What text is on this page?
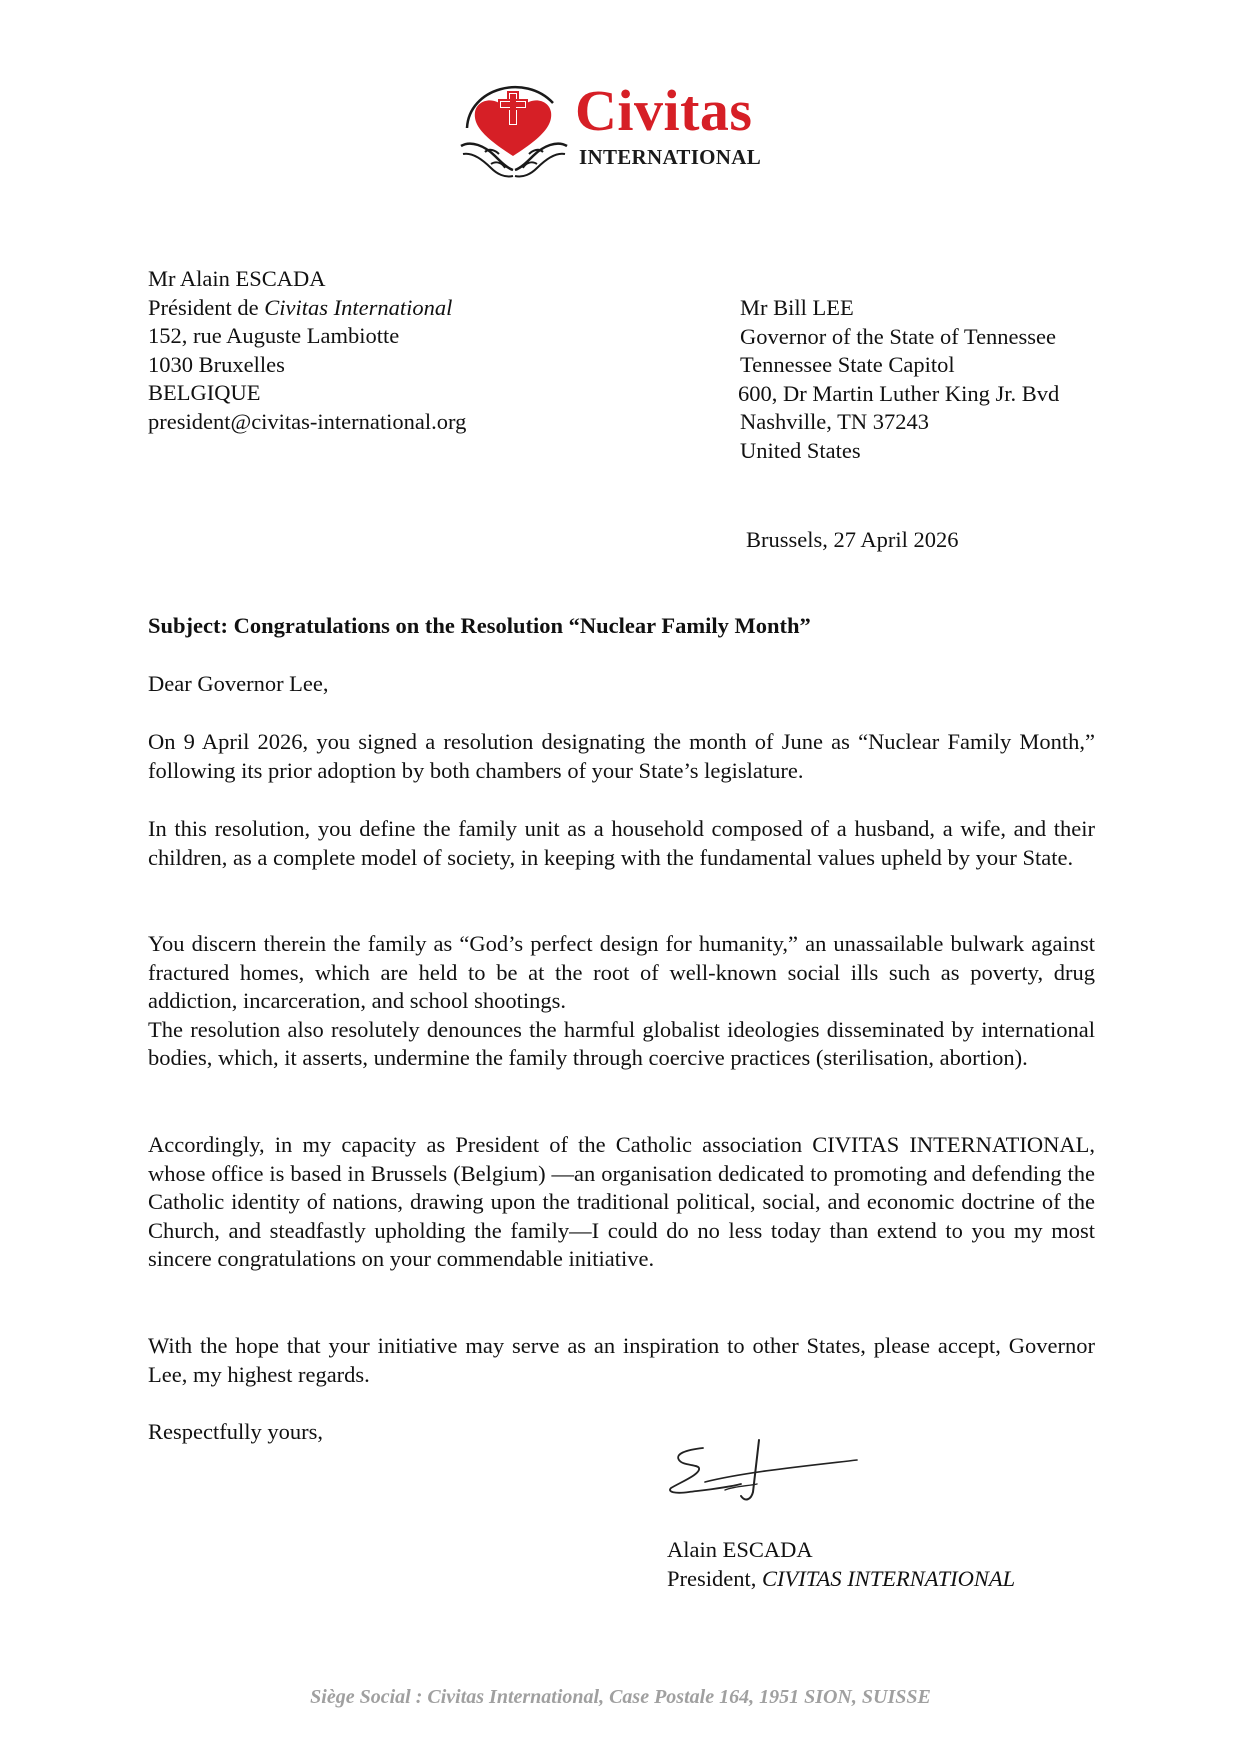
Civitas
INTERNATIONAL
Mr Alain ESCADA
Président de Civitas International
152, rue Auguste Lambiotte
1030 Bruxelles
BELGIQUE
president@civitas-international.org
Mr Bill LEE
Governor of the State of Tennessee
Tennessee State Capitol
600, Dr Martin Luther King Jr. Bvd
Nashville, TN 37243
United States
Brussels, 27 April 2026
Subject: Congratulations on the Resolution “Nuclear Family Month”
Dear Governor Lee,

On 9 April 2026, you signed a resolution designating the month of June as “Nuclear Family Month,” following its prior adoption by both chambers of your State’s legislature.

In this resolution, you define the family unit as a household composed of a husband, a wife, and their children, as a complete model of society, in keeping with the fundamental values upheld by your State.

You discern therein the family as “God’s perfect design for humanity,” an unassailable bulwark against fractured homes, which are held to be at the root of well-known social ills such as poverty, drug addiction, incarceration, and school shootings.

The resolution also resolutely denounces the harmful globalist ideologies disseminated by international bodies, which, it asserts, undermine the family through coercive practices (sterilisation, abortion).

Accordingly, in my capacity as President of the Catholic association CIVITAS INTERNATIONAL, whose office is based in Brussels (Belgium) —an organisation dedicated to promoting and defending the Catholic identity of nations, drawing upon the traditional political, social, and economic doctrine of the Church, and steadfastly upholding the family—I could do no less today than extend to you my most sincere congratulations on your commendable initiative.

With the hope that your initiative may serve as an inspiration to other States, please accept, Governor Lee, my highest regards.

Respectfully yours,
Alain ESCADA
President, CIVITAS INTERNATIONAL
Siège Social : Civitas International, Case Postale 164, 1951 SION, SUISSE
